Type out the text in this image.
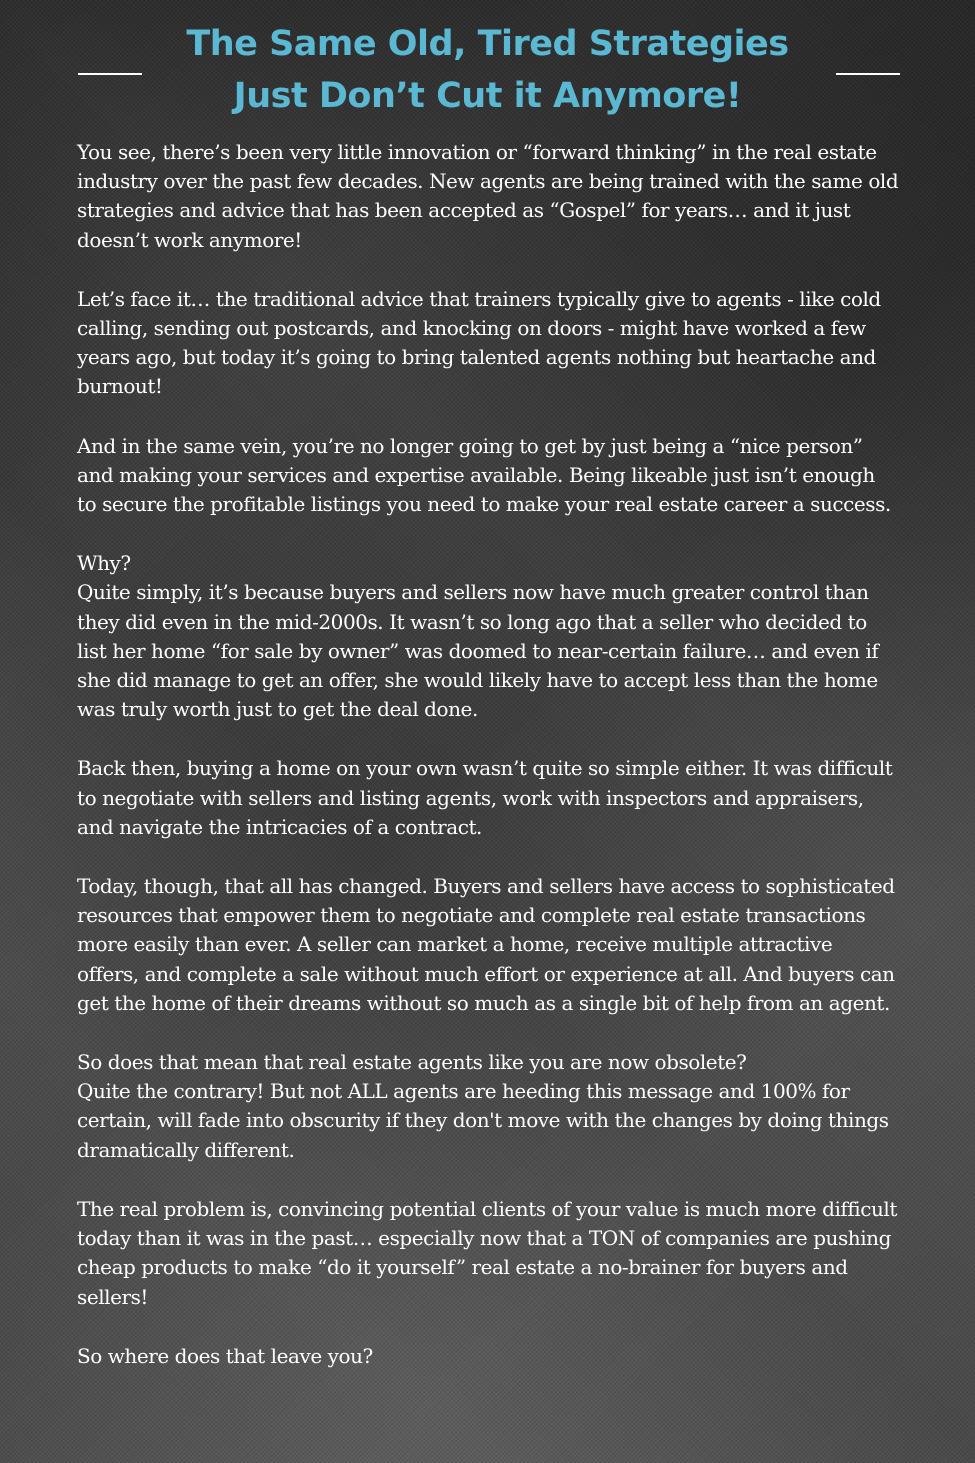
The Same Old, Tired Strategies
Just Don’t Cut it Anymore!

You see, there’s been very little innovation or “forward thinking” in the real estate industry over the past few decades. New agents are being trained with the same old strategies and advice that has been accepted as “Gospel” for years… and it just doesn’t work anymore!

Let’s face it… the traditional advice that trainers typically give to agents - like cold calling, sending out postcards, and knocking on doors - might have worked a few years ago, but today it’s going to bring talented agents nothing but heartache and burnout!

And in the same vein, you’re no longer going to get by just being a “nice person” and making your services and expertise available. Being likeable just isn’t enough to secure the profitable listings you need to make your real estate career a success.

Why?
Quite simply, it’s because buyers and sellers now have much greater control than they did even in the mid-2000s. It wasn’t so long ago that a seller who decided to list her home “for sale by owner” was doomed to near-certain failure… and even if she did manage to get an offer, she would likely have to accept less than the home was truly worth just to get the deal done.

Back then, buying a home on your own wasn’t quite so simple either. It was difficult to negotiate with sellers and listing agents, work with inspectors and appraisers, and navigate the intricacies of a contract.

Today, though, that all has changed. Buyers and sellers have access to sophisticated resources that empower them to negotiate and complete real estate transactions more easily than ever. A seller can market a home, receive multiple attractive offers, and complete a sale without much effort or experience at all. And buyers can get the home of their dreams without so much as a single bit of help from an agent.

So does that mean that real estate agents like you are now obsolete?
Quite the contrary! But not ALL agents are heeding this message and 100% for certain, will fade into obscurity if they don't move with the changes by doing things dramatically different.

The real problem is, convincing potential clients of your value is much more difficult today than it was in the past… especially now that a TON of companies are pushing cheap products to make “do it yourself” real estate a no-brainer for buyers and sellers!

So where does that leave you?
